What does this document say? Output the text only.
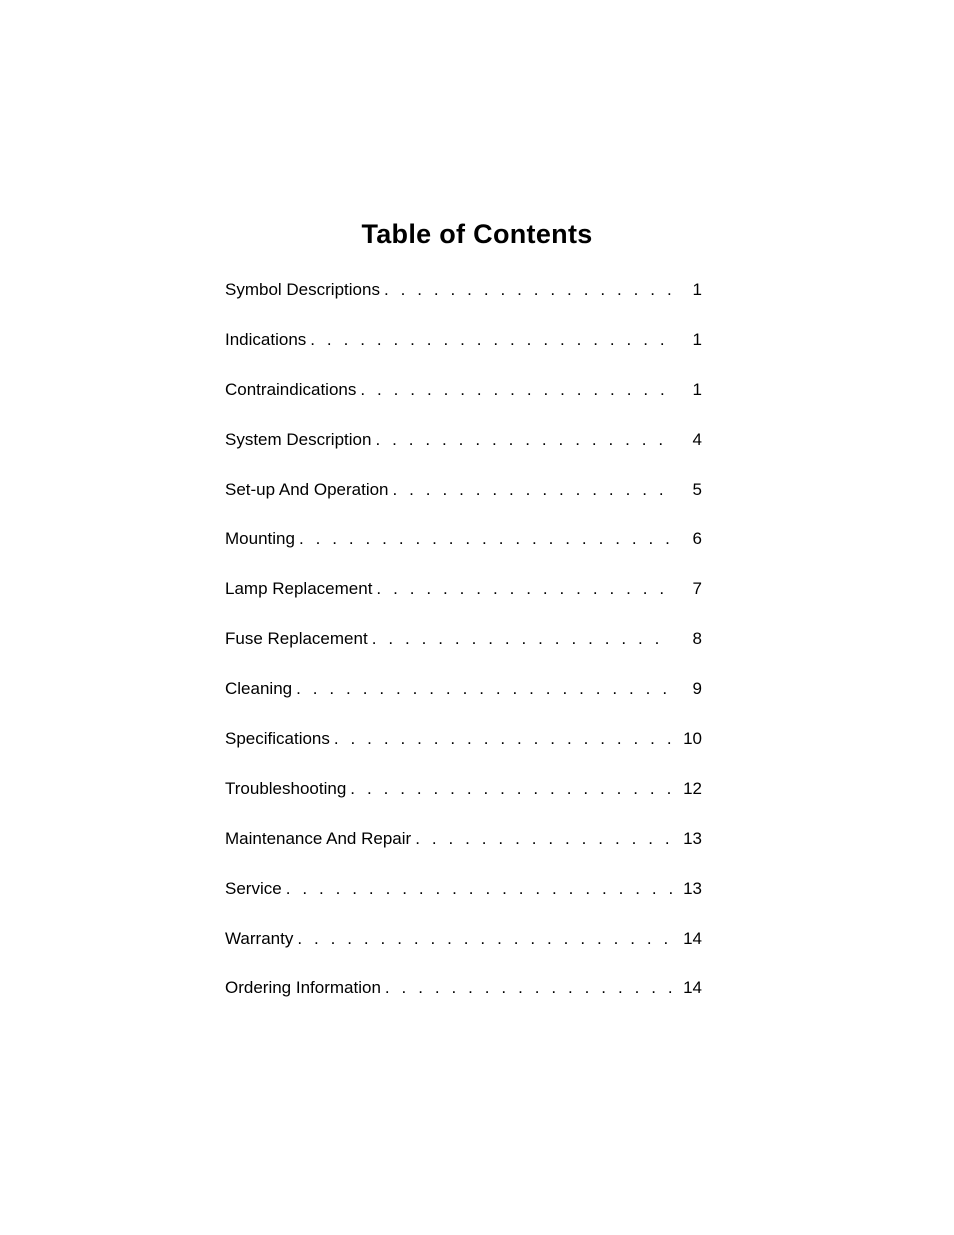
Table of Contents
Symbol Descriptions . . .	1
Indications . . .	1
Contraindications . . .	1
System Description . . .	4
Set-up And Operation . . .	5
Mounting . . .	6
Lamp Replacement . . .	7
Fuse Replacement . . .	8
Cleaning . . .	9
Specifications . . .	10
Troubleshooting . . .	12
Maintenance And Repair . . .	13
Service . . .	13
Warranty . . .	14
Ordering Information . . .	14
